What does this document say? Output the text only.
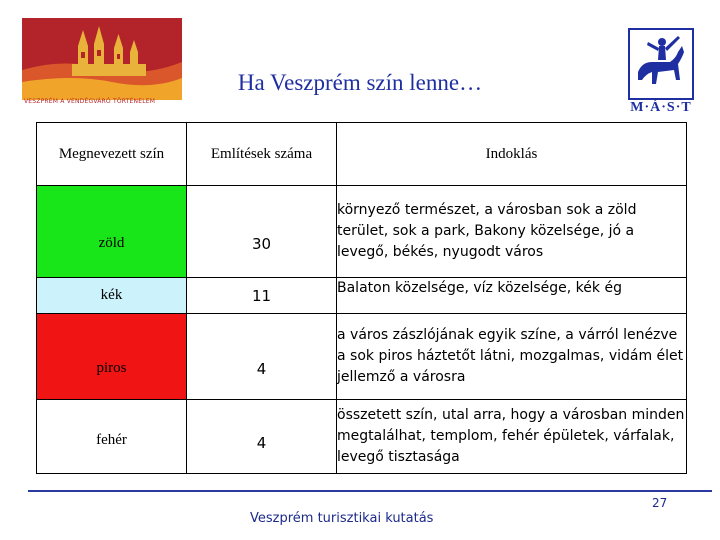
VESZPRÉM A VENDÉGVÁRÓ TÖRTÉNELEM
Ha Veszprém szín lenne…
M·Á·S·T
Megnevezett szín	Említések száma	Indoklás
zöld	30	környező természet, a városban sok a zöld terület, sok a park, Bakony közelsége, jó a levegő, békés, nyugodt város
kék	11	Balaton közelsége, víz közelsége, kék ég
piros	4	a város zászlójának egyik színe, a várról lenézve a sok piros háztetőt látni, mozgalmas, vidám élet jellemző a városra
fehér	4	összetett szín, utal arra, hogy a városban minden megtalálhat, templom, fehér épületek, várfalak, levegő tisztasága
Veszprém turisztikai kutatás
27
